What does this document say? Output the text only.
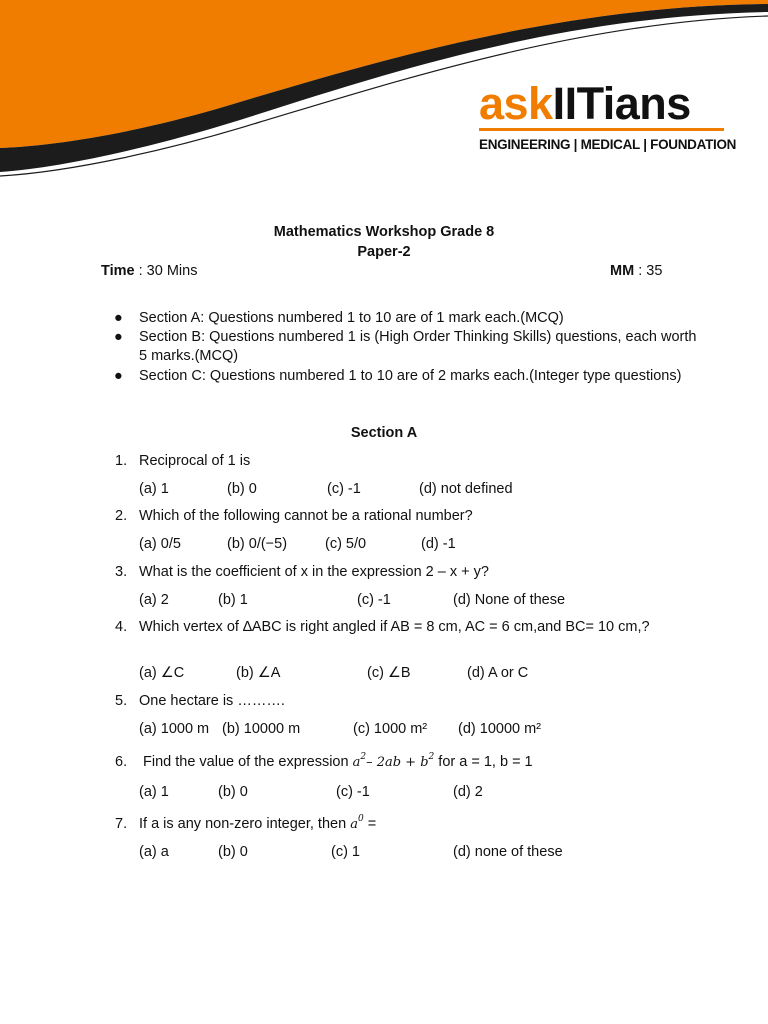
askIITians
ENGINEERING | MEDICAL | FOUNDATION
Mathematics Workshop Grade 8
Paper-2
Time : 30 Mins	MM : 35
● Section A: Questions numbered 1 to 10 are of 1 mark each.(MCQ)
● Section B: Questions numbered 1 is (High Order Thinking Skills) questions, each worth 5 marks.(MCQ)
● Section C: Questions numbered 1 to 10 are of 2 marks each.(Integer type questions)
Section A
1. Reciprocal of 1 is
(a) 1	(b) 0	(c) -1	(d) not defined
2. Which of the following cannot be a rational number?
(a) 0/5	(b) 0/(−5)	(c) 5/0	(d) -1
3. What is the coefficient of x in the expression 2 – x + y?
(a) 2	(b) 1	(c) -1	(d) None of these
4. Which vertex of ∆ABC is right angled if AB = 8 cm, AC = 6 cm,and BC= 10 cm,?
(a) ∠C	(b) ∠A	(c) ∠B	(d) A or C
5. One hectare is ……….
(a) 1000 m (b) 10000 m	(c) 1000 m² (d) 10000 m²
6. Find the value of the expression $a^2-$ $2ab + b^2$ for a = 1, b = 1
(a) 1	(b) 0	(c) -1	(d) 2
7. If a is any non-zero integer, then $a^0$ =
(a) a	(b) 0	(c) 1	(d) none of these
